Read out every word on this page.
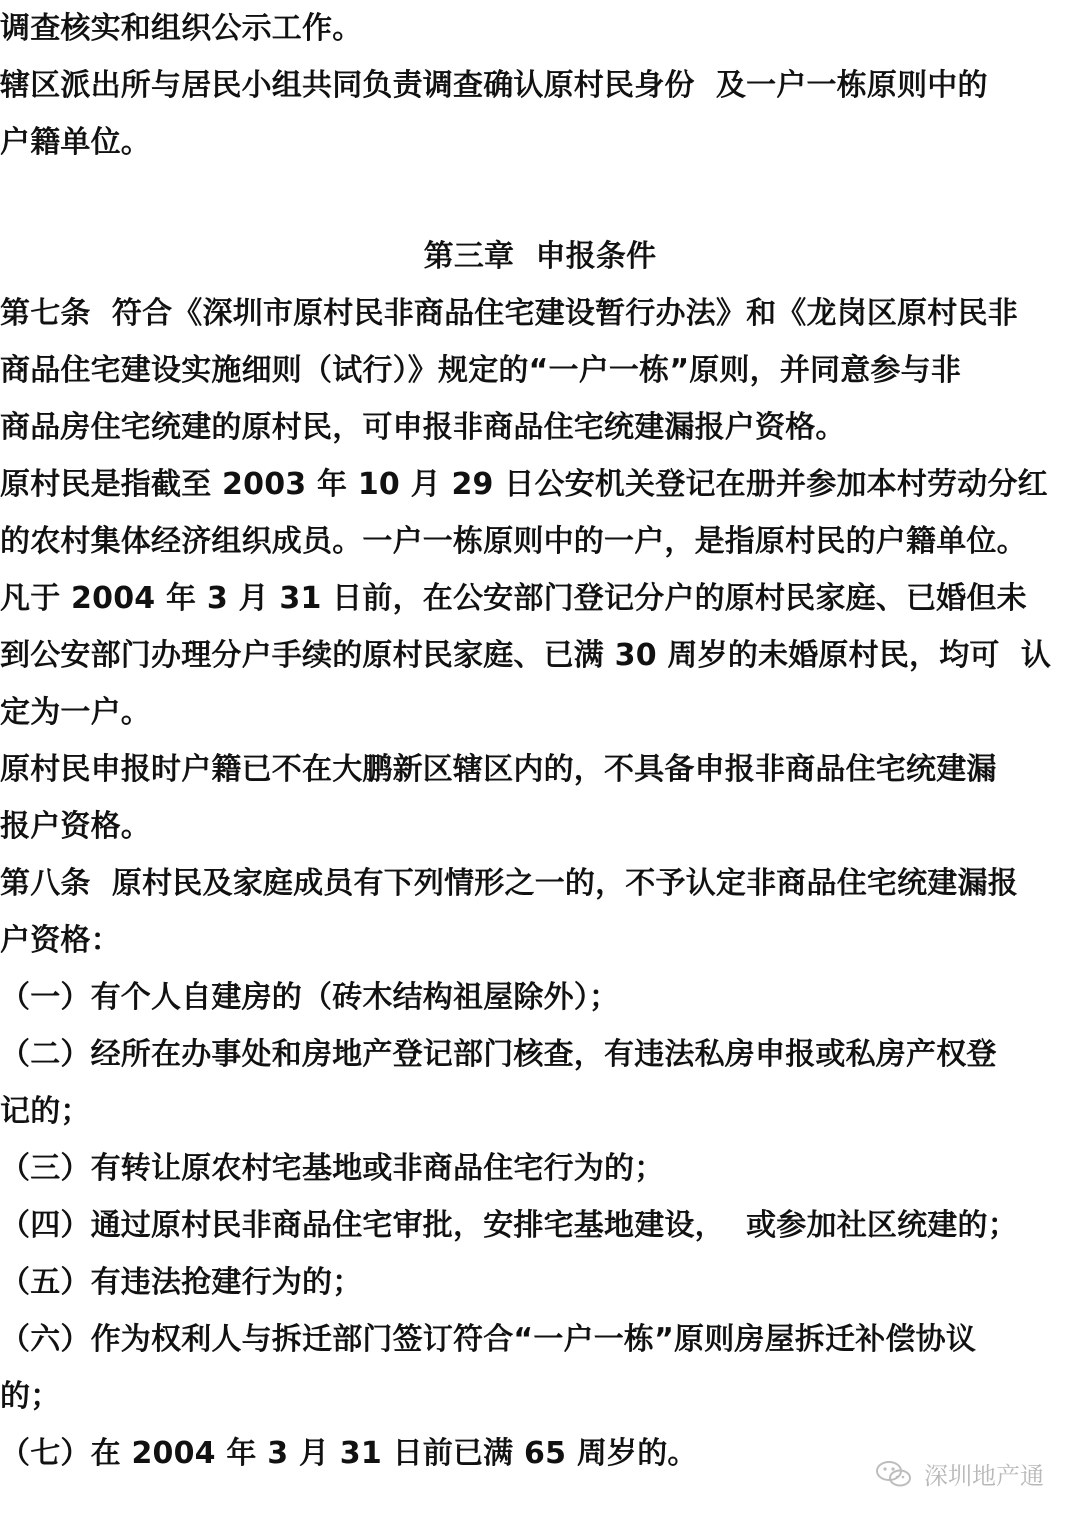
调查核实和组织公示工作。
辖区派出所与居民小组共同负责调查确认原村民身份  及一户一栋原则中的
户籍单位。
第三章  申报条件
第七条  符合《深圳市原村民非商品住宅建设暂行办法》和《龙岗区原村民非
商品住宅建设实施细则（试行）》规定的“一户一栋”原则，并同意参与非
商品房住宅统建的原村民，可申报非商品住宅统建漏报户资格。
原村民是指截至 2003 年 10 月 29 日公安机关登记在册并参加本村劳动分红
的农村集体经济组织成员。一户一栋原则中的一户，是指原村民的户籍单位。
凡于 2004 年 3 月 31 日前，在公安部门登记分户的原村民家庭、已婚但未
到公安部门办理分户手续的原村民家庭、已满 30 周岁的未婚原村民，均可  认
定为一户。
原村民申报时户籍已不在大鹏新区辖区内的，不具备申报非商品住宅统建漏
报户资格。
第八条  原村民及家庭成员有下列情形之一的，不予认定非商品住宅统建漏报
户资格：
（一）有个人自建房的（砖木结构祖屋除外）；
（二）经所在办事处和房地产登记部门核查，有违法私房申报或私房产权登
记的；
（三）有转让原农村宅基地或非商品住宅行为的；
（四）通过原村民非商品住宅审批，安排宅基地建设，  或参加社区统建的；
（五）有违法抢建行为的；
（六）作为权利人与拆迁部门签订符合“一户一栋”原则房屋拆迁补偿协议
的；
（七）在 2004 年 3 月 31 日前已满 65 周岁的。
深圳地产通
